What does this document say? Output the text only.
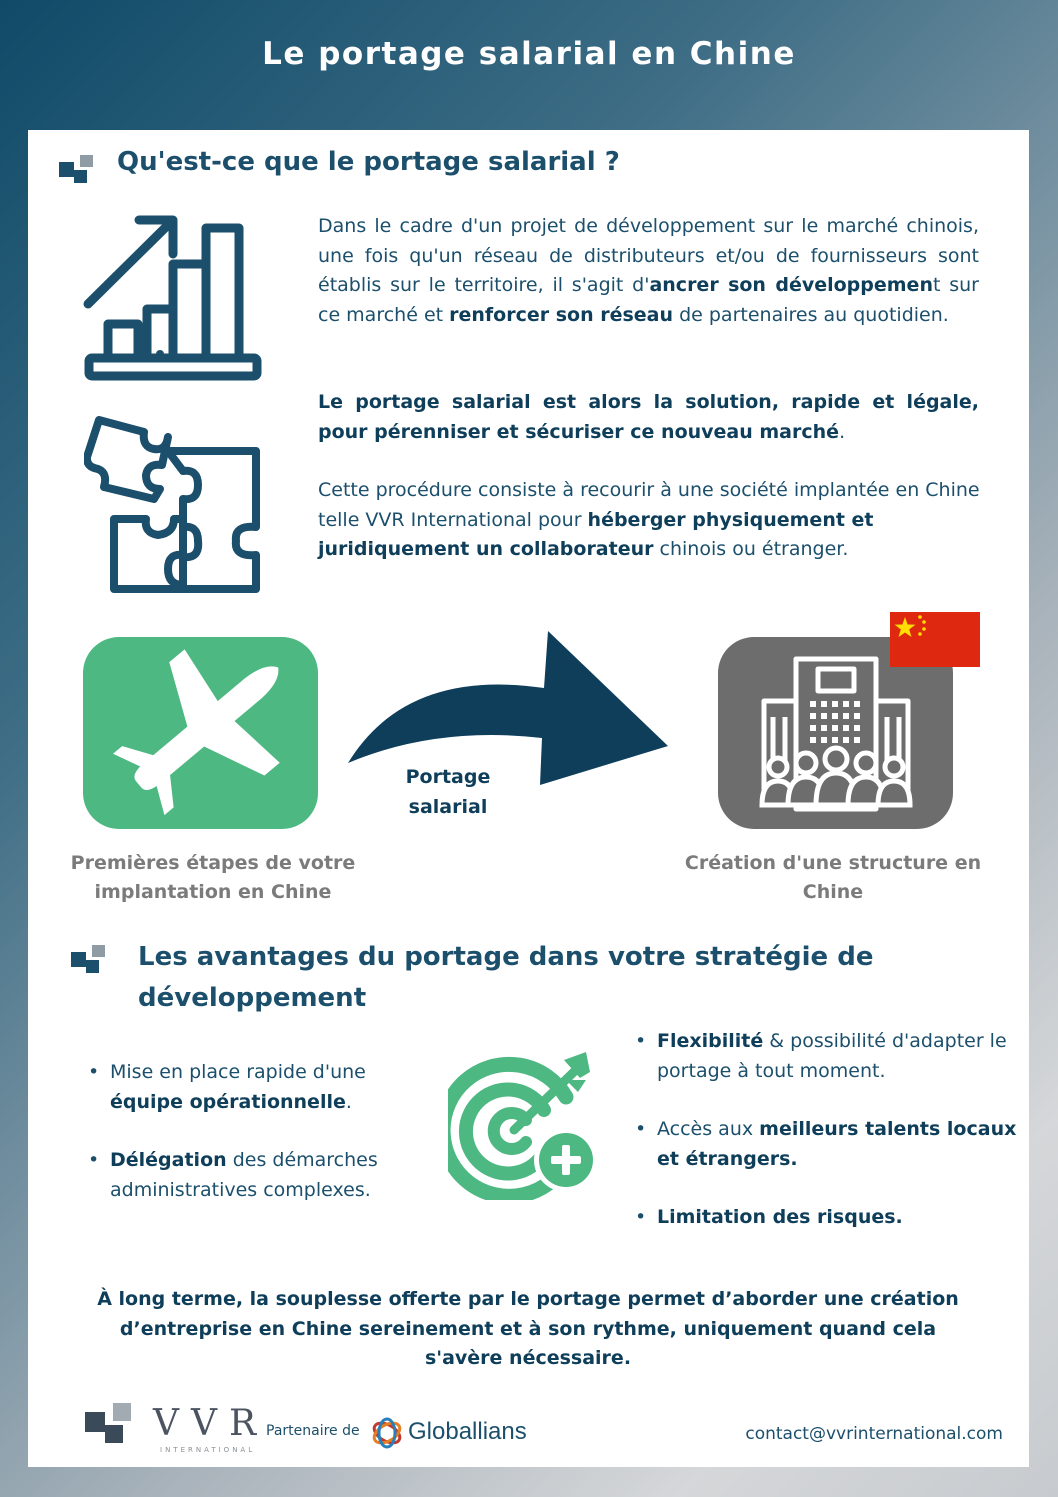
Le portage salarial en Chine
Qu'est-ce que le portage salarial ?

Dans le cadre d'un projet de développement sur le marché chinois, une fois qu'un réseau de distributeurs et/ou de fournisseurs sont établis sur le territoire, il s'agit d'ancrer son développement sur ce marché et renforcer son réseau de partenaires au quotidien.

Le portage salarial est alors la solution, rapide et légale, pour pérenniser et sécuriser ce nouveau marché.

Cette procédure consiste à recourir à une société implantée en Chine telle VVR International pour héberger physiquement et juridiquement un collaborateur chinois ou étranger.

Portage
salarial

Premières étapes de votre implantation en Chine

Création d'une structure en Chine

Les avantages du portage dans votre stratégie de développement
• Mise en place rapide d'une équipe opérationnelle.
• Délégation des démarches administratives complexes.
• Flexibilité & possibilité d'adapter le portage à tout moment.
• Accès aux meilleurs talents locaux et étrangers.
• Limitation des risques.

À long terme, la souplesse offerte par le portage permet d’aborder une création d’entreprise en Chine sereinement et à son rythme, uniquement quand cela s'avère nécessaire.

VVR
INTERNATIONAL
Partenaire de Globallians	contact@vvrinternational.com
